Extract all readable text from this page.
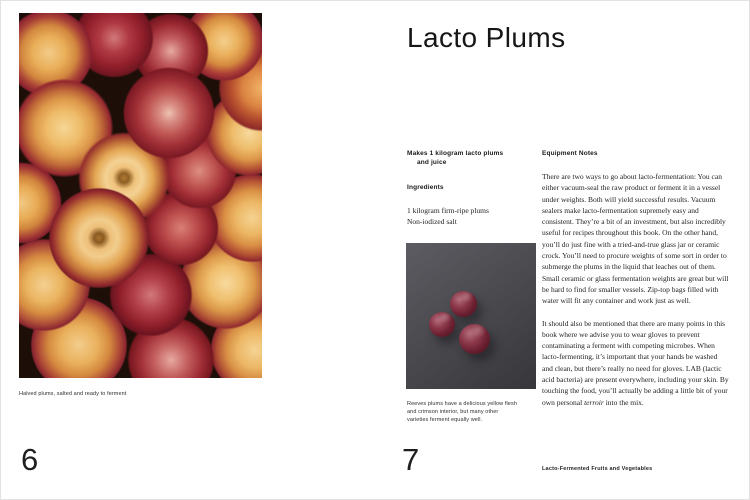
Halved plums, salted and ready to ferment
6
Lacto Plums
Makes 1 kilogram lacto plums
and juice
Ingredients

1 kilogram firm-ripe plums

Non-iodized salt

Reeves plums have a delicious yellow flesh and crimson interior, but many other varieties ferment equally well.
Equipment Notes

There are two ways to go about lacto-fermentation: You can either vacuum-seal the raw product or ferment it in a vessel under weights. Both will yield successful results. Vacuum sealers make lacto-fermentation supremely easy and consistent. They’re a bit of an investment, but also incredibly useful for recipes throughout this book. On the other hand, you’ll do just fine with a tried-and-true glass jar or ceramic crock. You’ll need to procure weights of some sort in order to submerge the plums in the liquid that leaches out of them. Small ceramic or glass fermentation weights are great but will be hard to find for smaller vessels. Zip-top bags filled with water will fit any container and work just as well.

It should also be mentioned that there are many points in this book where we advise you to wear gloves to prevent contaminating a ferment with competing microbes. When lacto-fermenting, it’s important that your hands be washed and clean, but there’s really no need for gloves. LAB (lactic acid bacteria) are present everywhere, including your skin. By touching the food, you’ll actually be adding a little bit of your own personal terroir into the mix.

7	Lacto-Fermented Fruits and Vegetables
